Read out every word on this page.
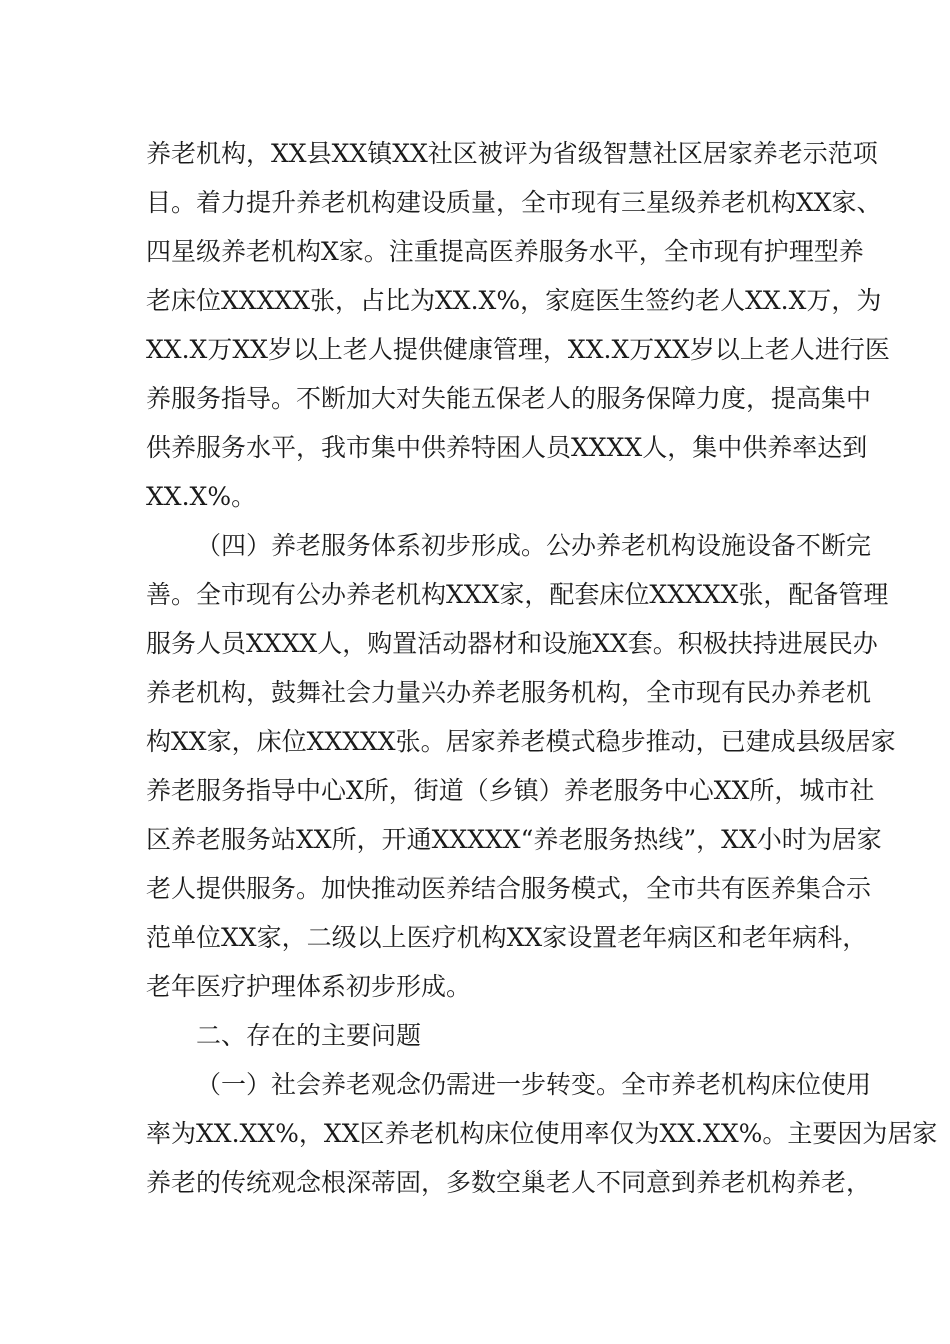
养老机构，XX县XX镇XX社区被评为省级智慧社区居家养老示范项
目。着力提升养老机构建设质量，全市现有三星级养老机构XX家、
四星级养老机构X家。注重提高医养服务水平，全市现有护理型养
老床位XXXXX张，占比为XX.X%，家庭医生签约老人XX.X万，为
XX.X万XX岁以上老人提供健康管理，XX.X万XX岁以上老人进行医
养服务指导。不断加大对失能五保老人的服务保障力度，提高集中
供养服务水平，我市集中供养特困人员XXXX人，集中供养率达到
XX.X%。
（四）养老服务体系初步形成。公办养老机构设施设备不断完
善。全市现有公办养老机构XXX家，配套床位XXXXX张，配备管理
服务人员XXXX人，购置活动器材和设施XX套。积极扶持进展民办
养老机构，鼓舞社会力量兴办养老服务机构，全市现有民办养老机
构XX家，床位XXXXX张。居家养老模式稳步推动，已建成县级居家
养老服务指导中心X所，街道（乡镇）养老服务中心XX所，城市社
区养老服务站XX所，开通XXXXX“养老服务热线”，XX小时为居家
老人提供服务。加快推动医养结合服务模式，全市共有医养集合示
范单位XX家，二级以上医疗机构XX家设置老年病区和老年病科，
老年医疗护理体系初步形成。
二、存在的主要问题
（一）社会养老观念仍需进一步转变。全市养老机构床位使用
率为XX.XX%，XX区养老机构床位使用率仅为XX.XX%。主要因为居家
养老的传统观念根深蒂固，多数空巢老人不同意到养老机构养老，
